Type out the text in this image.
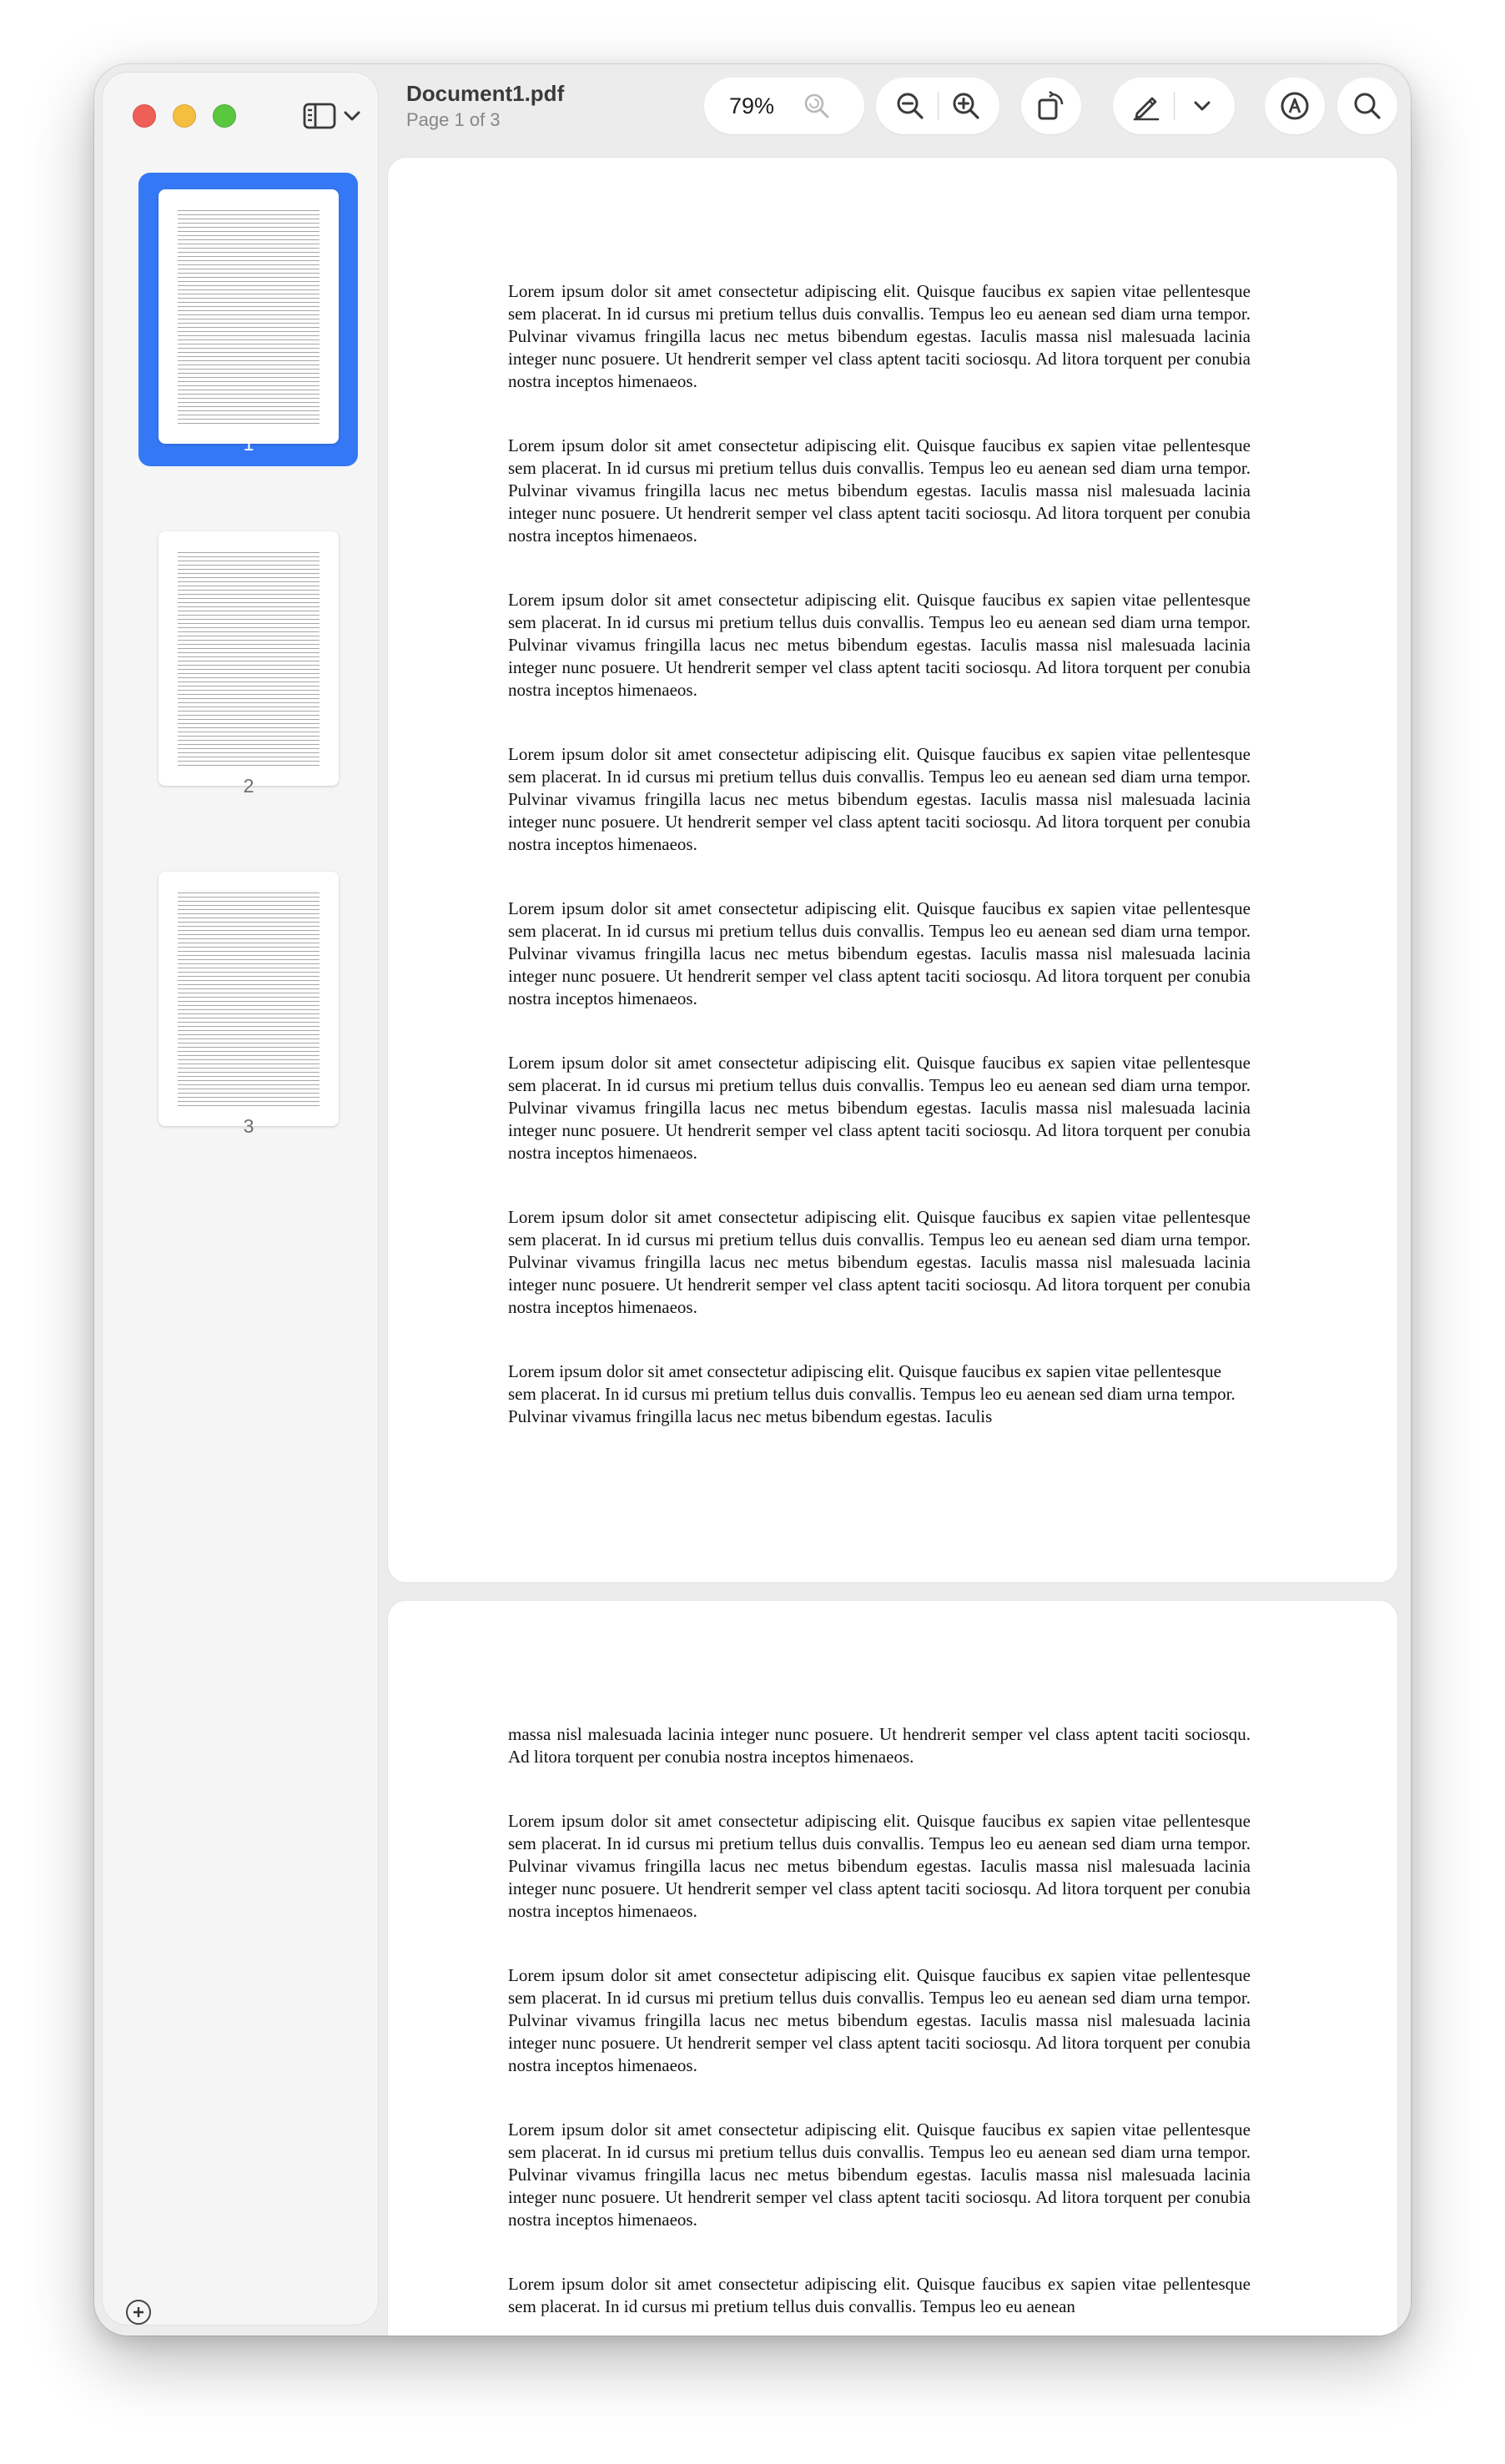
1
2
3
Document1.pdf
Page 1 of 3
79%

Lorem ipsum dolor sit amet consectetur adipiscing elit. Quisque faucibus ex sapien vitae pellentesque sem placerat. In id cursus mi pretium tellus duis convallis. Tempus leo eu aenean sed diam urna tempor. Pulvinar vivamus fringilla lacus nec metus bibendum egestas. Iaculis massa nisl malesuada lacinia integer nunc posuere. Ut hendrerit semper vel class aptent taciti sociosqu. Ad litora torquent per conubia nostra inceptos himenaeos.

Lorem ipsum dolor sit amet consectetur adipiscing elit. Quisque faucibus ex sapien vitae pellentesque sem placerat. In id cursus mi pretium tellus duis convallis. Tempus leo eu aenean sed diam urna tempor. Pulvinar vivamus fringilla lacus nec metus bibendum egestas. Iaculis massa nisl malesuada lacinia integer nunc posuere. Ut hendrerit semper vel class aptent taciti sociosqu. Ad litora torquent per conubia nostra inceptos himenaeos.

Lorem ipsum dolor sit amet consectetur adipiscing elit. Quisque faucibus ex sapien vitae pellentesque sem placerat. In id cursus mi pretium tellus duis convallis. Tempus leo eu aenean sed diam urna tempor. Pulvinar vivamus fringilla lacus nec metus bibendum egestas. Iaculis massa nisl malesuada lacinia integer nunc posuere. Ut hendrerit semper vel class aptent taciti sociosqu. Ad litora torquent per conubia nostra inceptos himenaeos.

Lorem ipsum dolor sit amet consectetur adipiscing elit. Quisque faucibus ex sapien vitae pellentesque sem placerat. In id cursus mi pretium tellus duis convallis. Tempus leo eu aenean sed diam urna tempor. Pulvinar vivamus fringilla lacus nec metus bibendum egestas. Iaculis massa nisl malesuada lacinia integer nunc posuere. Ut hendrerit semper vel class aptent taciti sociosqu. Ad litora torquent per conubia nostra inceptos himenaeos.

Lorem ipsum dolor sit amet consectetur adipiscing elit. Quisque faucibus ex sapien vitae pellentesque sem placerat. In id cursus mi pretium tellus duis convallis. Tempus leo eu aenean sed diam urna tempor. Pulvinar vivamus fringilla lacus nec metus bibendum egestas. Iaculis massa nisl malesuada lacinia integer nunc posuere. Ut hendrerit semper vel class aptent taciti sociosqu. Ad litora torquent per conubia nostra inceptos himenaeos.

Lorem ipsum dolor sit amet consectetur adipiscing elit. Quisque faucibus ex sapien vitae pellentesque sem placerat. In id cursus mi pretium tellus duis convallis. Tempus leo eu aenean sed diam urna tempor. Pulvinar vivamus fringilla lacus nec metus bibendum egestas. Iaculis massa nisl malesuada lacinia integer nunc posuere. Ut hendrerit semper vel class aptent taciti sociosqu. Ad litora torquent per conubia nostra inceptos himenaeos.

Lorem ipsum dolor sit amet consectetur adipiscing elit. Quisque faucibus ex sapien vitae pellentesque sem placerat. In id cursus mi pretium tellus duis convallis. Tempus leo eu aenean sed diam urna tempor. Pulvinar vivamus fringilla lacus nec metus bibendum egestas. Iaculis massa nisl malesuada lacinia integer nunc posuere. Ut hendrerit semper vel class aptent taciti sociosqu. Ad litora torquent per conubia nostra inceptos himenaeos.

Lorem ipsum dolor sit amet consectetur adipiscing elit. Quisque faucibus ex sapien vitae pellentesque sem placerat. In id cursus mi pretium tellus duis convallis. Tempus leo eu aenean sed diam urna tempor. Pulvinar vivamus fringilla lacus nec metus bibendum egestas. Iaculis

massa nisl malesuada lacinia integer nunc posuere. Ut hendrerit semper vel class aptent taciti sociosqu. Ad litora torquent per conubia nostra inceptos himenaeos.

Lorem ipsum dolor sit amet consectetur adipiscing elit. Quisque faucibus ex sapien vitae pellentesque sem placerat. In id cursus mi pretium tellus duis convallis. Tempus leo eu aenean sed diam urna tempor. Pulvinar vivamus fringilla lacus nec metus bibendum egestas. Iaculis massa nisl malesuada lacinia integer nunc posuere. Ut hendrerit semper vel class aptent taciti sociosqu. Ad litora torquent per conubia nostra inceptos himenaeos.

Lorem ipsum dolor sit amet consectetur adipiscing elit. Quisque faucibus ex sapien vitae pellentesque sem placerat. In id cursus mi pretium tellus duis convallis. Tempus leo eu aenean sed diam urna tempor. Pulvinar vivamus fringilla lacus nec metus bibendum egestas. Iaculis massa nisl malesuada lacinia integer nunc posuere. Ut hendrerit semper vel class aptent taciti sociosqu. Ad litora torquent per conubia nostra inceptos himenaeos.

Lorem ipsum dolor sit amet consectetur adipiscing elit. Quisque faucibus ex sapien vitae pellentesque sem placerat. In id cursus mi pretium tellus duis convallis. Tempus leo eu aenean sed diam urna tempor. Pulvinar vivamus fringilla lacus nec metus bibendum egestas. Iaculis massa nisl malesuada lacinia integer nunc posuere. Ut hendrerit semper vel class aptent taciti sociosqu. Ad litora torquent per conubia nostra inceptos himenaeos.

Lorem ipsum dolor sit amet consectetur adipiscing elit. Quisque faucibus ex sapien vitae pellentesque sem placerat. In id cursus mi pretium tellus duis convallis. Tempus leo eu aenean
